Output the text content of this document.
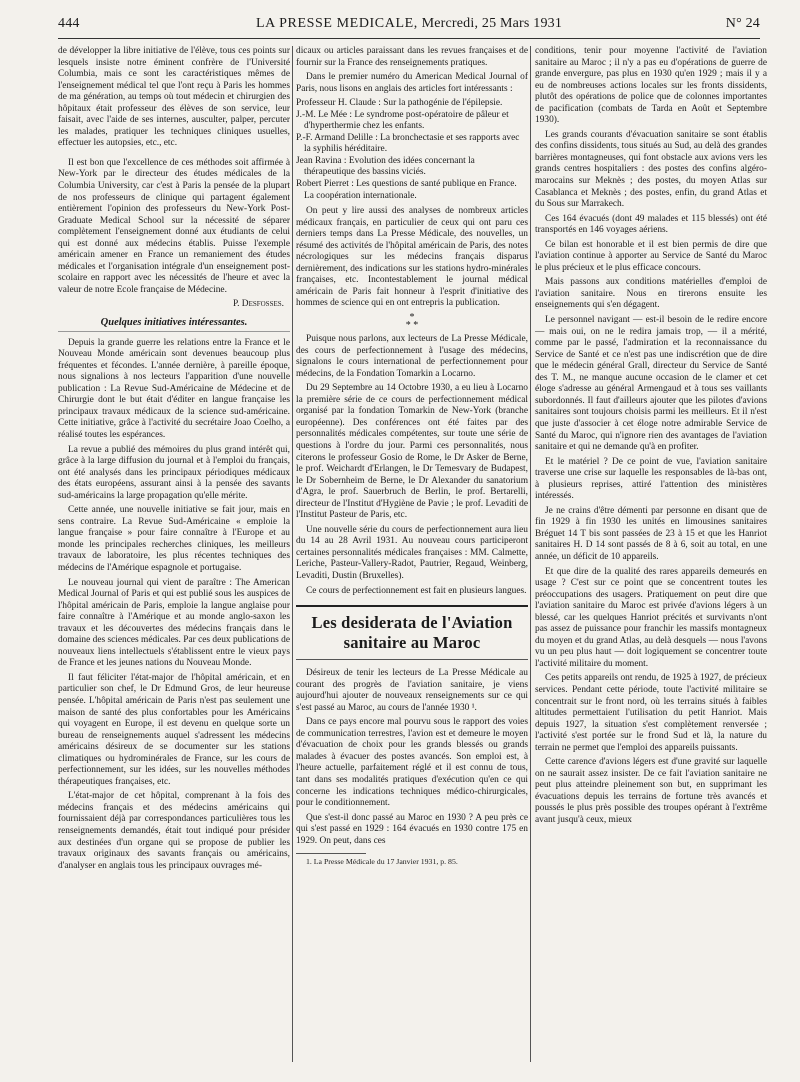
444	LA PRESSE MEDICALE, Mercredi, 25 Mars 1931	N° 24

de développer la libre initiative de l'élève, tous ces points sur lesquels insiste notre éminent confrère de l'Université Columbia, mais ce sont les caractéristiques mêmes de l'enseignement médical tel que l'ont reçu à Paris les hommes de ma génération, au temps où tout médecin et chirurgien des hôpitaux était professeur des élèves de son service, leur faisait, avec l'aide de ses internes, ausculter, palper, percuter les malades, pratiquer les techniques cliniques usuelles, effectuer les autopsies, etc., etc.

Il est bon que l'excellence de ces méthodes soit affirmée à New-York par le directeur des études médicales de la Columbia University, car c'est à Paris la pensée de la plupart de nos professeurs de clinique qui partagent également entièrement l'opinion des professeurs du New-York Post-Graduate Medical School sur la nécessité de séparer complètement l'enseignement donné aux étudiants de celui qui est donné aux médecins établis. Puisse l'exemple américain amener en France un remaniement des études médicales et l'organisation intégrale d'un enseignement post-scolaire en rapport avec les nécessités de l'heure et avec la valeur de notre Ecole française de Médecine.

P. Desfosses.
Quelques initiatives intéressantes.

Depuis la grande guerre les relations entre la France et le Nouveau Monde américain sont devenues beaucoup plus fréquentes et fécondes. L'année dernière, à pareille époque, nous signalions à nos lecteurs l'apparition d'une nouvelle publication : La Revue Sud-Américaine de Médecine et de Chirurgie dont le but était d'éditer en langue française les principaux travaux médicaux de la science sud-américaine. Cette initiative, grâce à l'activité du secrétaire Joao Coelho, a réalisé toutes les espérances.

La revue a publié des mémoires du plus grand intérêt qui, grâce à la large diffusion du journal et à l'emploi du français, ont été analysés dans les principaux périodiques médicaux des états européens, assurant ainsi à la pensée des savants sud-américains la large propagation qu'elle mérite.

Cette année, une nouvelle initiative se fait jour, mais en sens contraire. La Revue Sud-Américaine « emploie la langue française » pour faire connaître à l'Europe et au monde les principales recherches cliniques, les meilleurs travaux de laboratoire, les plus récentes techniques des médecins de l'Amérique espagnole et portugaise.

Le nouveau journal qui vient de paraître : The American Medical Journal of Paris et qui est publié sous les auspices de l'hôpital américain de Paris, emploie la langue anglaise pour faire connaître à l'Amérique et au monde anglo-saxon les travaux et les découvertes des médecins français dans le domaine des sciences médicales. Par ces deux publications de nouveaux liens intellectuels s'établissent entre le vieux pays de France et les jeunes nations du Nouveau Monde.

Il faut féliciter l'état-major de l'hôpital américain, et en particulier son chef, le Dr Edmund Gros, de leur heureuse pensée. L'hôpital américain de Paris n'est pas seulement une maison de santé des plus confortables pour les Américains qui voyagent en Europe, il est devenu en quelque sorte un bureau de renseignements auquel s'adressent les médecins américains désireux de se documenter sur les stations climatiques ou hydrominérales de France, sur les cours de perfectionnement, sur les idées, sur les nouvelles méthodes thérapeutiques françaises, etc.

L'état-major de cet hôpital, comprenant à la fois des médecins français et des médecins américains qui fournissaient déjà par correspondances particulières tous les renseignements demandés, était tout indiqué pour présider aux destinées d'un organe qui se propose de publier les travaux originaux des savants français ou américains, d'analyser en anglais tous les principaux ouvrages mé-

dicaux ou articles paraissant dans les revues françaises et de fournir sur la France des renseignements pratiques.

Dans le premier numéro du American Medical Journal of Paris, nous lisons en anglais des articles fort intéressants :

Professeur H. Claude : Sur la pathogénie de l'épilepsie.
J.-M. Le Mée : Le syndrome post-opératoire de pâleur et d'hyperthermie chez les enfants.
P.-F. Armand Delille : La bronchectasie et ses rapports avec la syphilis héréditaire.
Jean Ravina : Evolution des idées concernant la thérapeutique des bassins viciés.
Robert Pierret : Les questions de santé publique en France. La coopération internationale.

On peut y lire aussi des analyses de nombreux articles médicaux français, en particulier de ceux qui ont paru ces derniers temps dans La Presse Médicale, des nouvelles, un résumé des activités de l'hôpital américain de Paris, des notes nécrologiques sur les médecins français disparus dernièrement, des indications sur les stations hydro-minérales françaises, etc. Incontestablement le journal médical américain de Paris fait honneur à l'esprit d'initiative des hommes de science qui en ont entrepris la publication.

*
* *

Puisque nous parlons, aux lecteurs de La Presse Médicale, des cours de perfectionnement à l'usage des médecins, signalons le cours international de perfectionnement pour médecins, de la Fondation Tomarkin a Locarno.

Du 29 Septembre au 14 Octobre 1930, a eu lieu à Locarno la première série de ce cours de perfectionnement médical organisé par la fondation Tomarkin de New-York (branche européenne). Des conférences ont été faites par des personnalités médicales compétentes, sur toute une série de questions à l'ordre du jour. Parmi ces personnalités, nous citerons le professeur Gosio de Rome, le Dr Asker de Berne, le prof. Weichardt d'Erlangen, le Dr Temesvary de Budapest, le Dr Sobernheim de Berne, le Dr Alexander du sanatorium d'Agra, le prof. Sauerbruch de Berlin, le prof. Bertarelli, directeur de l'Institut d'Hygiène de Pavie ; le prof. Levaditi de l'Institut Pasteur de Paris, etc.

Une nouvelle série du cours de perfectionnement aura lieu du 14 au 28 Avril 1931. Au nouveau cours participeront certaines personnalités médicales françaises : MM. Calmette, Leriche, Pasteur-Vallery-Radot, Pautrier, Regaud, Weinberg, Levaditi, Dustin (Bruxelles).

Ce cours de perfectionnement est fait en plusieurs langues.

Les desiderata de l'Aviation sanitaire au Maroc

Désireux de tenir les lecteurs de La Presse Médicale au courant des progrès de l'aviation sanitaire, je viens aujourd'hui ajouter de nouveaux renseignements sur ce qui s'est passé au Maroc, au cours de l'année 1930 ¹.

Dans ce pays encore mal pourvu sous le rapport des voies de communication terrestres, l'avion est et demeure le moyen d'évacuation de choix pour les grands blessés ou grands malades à évacuer des postes avancés. Son emploi est, à l'heure actuelle, parfaitement réglé et il est connu de tous, tant dans ses modalités pratiques d'exécution qu'en ce qui concerne les indications techniques médico-chirurgicales, pour le conditionnement.

Que s'est-il donc passé au Maroc en 1930 ? A peu près ce qui s'est passé en 1929 : 164 évacués en 1930 contre 175 en 1929. On peut, dans ces

1. La Presse Médicale du 17 Janvier 1931, p. 85.

conditions, tenir pour moyenne l'activité de l'aviation sanitaire au Maroc ; il n'y a pas eu d'opérations de guerre de grande envergure, pas plus en 1930 qu'en 1929 ; mais il y a eu de nombreuses actions locales sur les fronts dissidents, plutôt des opérations de police que de colonnes importantes de pacification (combats de Tarda en Août et Septembre 1930).

Les grands courants d'évacuation sanitaire se sont établis des confins dissidents, tous situés au Sud, au delà des grandes barrières montagneuses, qui font obstacle aux avions vers les grands centres hospitaliers : des postes des confins algéro-marocains sur Meknès ; des postes, du moyen Atlas sur Casablanca et Meknès ; des postes, enfin, du grand Atlas et du Sous sur Marrakech.

Ces 164 évacués (dont 49 malades et 115 blessés) ont été transportés en 146 voyages aériens.

Ce bilan est honorable et il est bien permis de dire que l'aviation continue à apporter au Service de Santé du Maroc le plus précieux et le plus efficace concours.

Mais passons aux conditions matérielles d'emploi de l'aviation sanitaire. Nous en tirerons ensuite les enseignements qui s'en dégagent.

Le personnel navigant — est-il besoin de le redire encore — mais oui, on ne le redira jamais trop, — il a mérité, comme par le passé, l'admiration et la reconnaissance du Service de Santé et ce n'est pas une indiscrétion que de dire que le médecin général Grall, directeur du Service de Santé des T. M., ne manque aucune occasion de le clamer et cet éloge s'adresse au général Armengaud et à tous ses vaillants subordonnés. Il faut d'ailleurs ajouter que les pilotes d'avions sanitaires sont toujours choisis parmi les meilleurs. Et il n'est que juste d'associer à cet éloge notre admirable Service de Santé du Maroc, qui n'ignore rien des avantages de l'aviation sanitaire et qui ne demande qu'à en profiter.

Et le matériel ? De ce point de vue, l'aviation sanitaire traverse une crise sur laquelle les responsables de là-bas ont, à plusieurs reprises, attiré l'attention des ministères intéressés.

Je ne crains d'être démenti par personne en disant que de fin 1929 à fin 1930 les unités en limousines sanitaires Bréguet 14 T bis sont passées de 23 à 15 et que les Hanriot sanitaires H. D 14 sont passés de 8 à 6, soit au total, en une année, un déficit de 10 appareils.

Et que dire de la qualité des rares appareils demeurés en usage ? C'est sur ce point que se concentrent toutes les préoccupations des usagers. Pratiquement on peut dire que l'aviation sanitaire du Maroc est privée d'avions légers à un blessé, car les quelques Hanriot précités et survivants n'ont pas assez de puissance pour franchir les massifs montagneux du moyen et du grand Atlas, au delà desquels — nous l'avons vu un peu plus haut — doit logiquement se concentrer toute l'activité militaire du moment.

Ces petits appareils ont rendu, de 1925 à 1927, de précieux services. Pendant cette période, toute l'activité militaire se concentrait sur le front nord, où les terrains situés à faibles altitudes permettaient l'utilisation du petit Hanriot. Mais depuis 1927, la situation s'est complètement renversée ; l'activité s'est portée sur le frond Sud et là, la nature du terrain ne permet que l'emploi des appareils puissants.

Cette carence d'avions légers est d'une gravité sur laquelle on ne saurait assez insister. De ce fait l'aviation sanitaire ne peut plus atteindre pleinement son but, en supprimant les évacuations depuis les terrains de fortune très avancés et poussés le plus près possible des troupes opérant à l'extrême avant jusqu'à ceux, mieux
